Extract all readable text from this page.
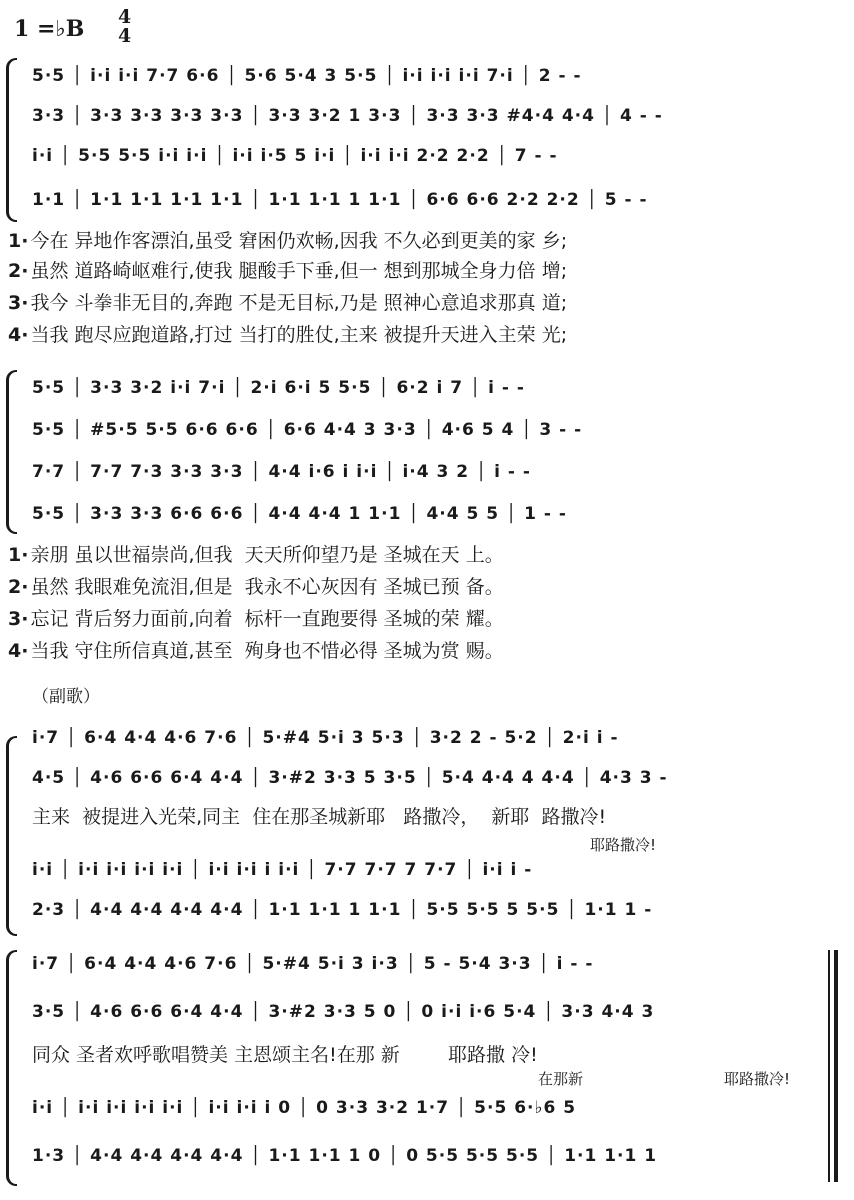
1 =♭B 4
4
5·5 │ i·i i·i 7·7 6·6 │ 5·6 5·4 3 5·5 │ i·i i·i i·i 7·i │ 2 - -
3·3 │ 3·3 3·3 3·3 3·3 │ 3·3 3·2 1 3·3 │ 3·3 3·3 #4·4 4·4 │ 4 - -
i·i │ 5·5 5·5 i·i i·i │ i·i i·5 5 i·i │ i·i i·i 2·2 2·2 │ 7 - -
1·1 │ 1·1 1·1 1·1 1·1 │ 1·1 1·1 1 1·1 │ 6·6 6·6 2·2 2·2 │ 5 - -
1· 今在 异地作客漂泊,虽受 窘困仍欢畅,因我 不久必到更美的家 乡;
2· 虽然 道路崎岖难行,使我 腿酸手下垂,但一 想到那城全身力倍 增;
3· 我今 斗拳非无目的,奔跑 不是无目标,乃是 照神心意追求那真 道;
4· 当我 跑尽应跑道路,打过 当打的胜仗,主来 被提升天进入主荣 光;
5·5 │ 3·3 3·2 i·i 7·i │ 2·i 6·i 5 5·5 │ 6·2 i 7 │ i - -
5·5 │ #5·5 5·5 6·6 6·6 │ 6·6 4·4 3 3·3 │ 4·6 5 4 │ 3 - -
7·7 │ 7·7 7·3 3·3 3·3 │ 4·4 i·6 i i·i │ i·4 3 2 │ i - -
5·5 │ 3·3 3·3 6·6 6·6 │ 4·4 4·4 1 1·1 │ 4·4 5 5 │ 1 - -
1· 亲朋 虽以世福崇尚,但我  天天所仰望乃是 圣城在天 上。
2· 虽然 我眼难免流泪,但是  我永不心灰因有 圣城已预 备。
3· 忘记 背后努力面前,向着  标杆一直跑要得 圣城的荣 耀。
4· 当我 守住所信真道,甚至  殉身也不惜必得 圣城为赏 赐。
（副歌）
i·7 │ 6·4 4·4 4·6 7·6 │ 5·#4 5·i 3 5·3 │ 3·2 2 - 5·2 │ 2·i i -
4·5 │ 4·6 6·6 6·4 4·4 │ 3·#2 3·3 5 3·5 │ 5·4 4·4 4 4·4 │ 4·3 3 -
主来  被提进入光荣,同主  住在那圣城新耶   路撒冷，  新耶  路撒冷!
耶路撒冷!
i·i │ i·i i·i i·i i·i │ i·i i·i i i·i │ 7·7 7·7 7 7·7 │ i·i i -
2·3 │ 4·4 4·4 4·4 4·4 │ 1·1 1·1 1 1·1 │ 5·5 5·5 5 5·5 │ 1·1 1 -
i·7 │ 6·4 4·4 4·6 7·6 │ 5·#4 5·i 3 i·3 │ 5 - 5·4 3·3 │ i - -
3·5 │ 4·6 6·6 6·4 4·4 │ 3·#2 3·3 5 0 │ 0 i·i i·6 5·4 │ 3·3 4·4 3
同众 圣者欢呼歌唱赞美 主恩颂主名!在那 新        耶路撒 冷!
在那新	耶路撒冷!
i·i │ i·i i·i i·i i·i │ i·i i·i i 0 │ 0 3·3 3·2 1·7 │ 5·5 6·♭6 5
1·3 │ 4·4 4·4 4·4 4·4 │ 1·1 1·1 1 0 │ 0 5·5 5·5 5·5 │ 1·1 1·1 1
